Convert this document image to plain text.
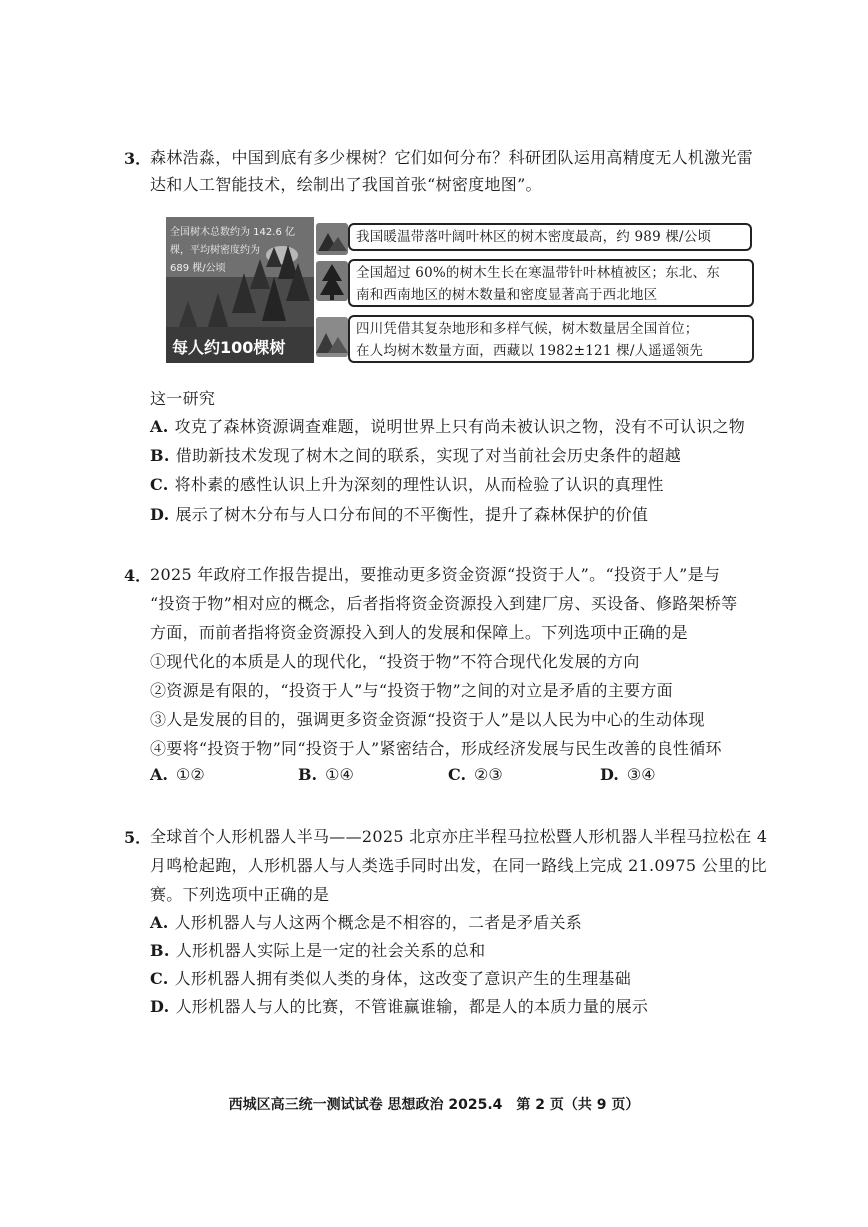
3．
森林浩淼，中国到底有多少棵树？它们如何分布？科研团队运用高精度无人机激光雷
达和人工智能技术，绘制出了我国首张“树密度地图”。
全国树木总数约为 142.6 亿
棵，平均树密度约为
689 棵/公顷
每人约100棵树
我国暖温带落叶阔叶林区的树木密度最高，约 989 棵/公顷
全国超过 60%的树木生长在寒温带针叶林植被区；东北、东
南和西南地区的树木数量和密度显著高于西北地区
四川凭借其复杂地形和多样气候，树木数量居全国首位；
在人均树木数量方面，西藏以 1982±121 棵/人遥遥领先
这一研究
A. 攻克了森林资源调查难题，说明世界上只有尚未被认识之物，没有不可认识之物
B. 借助新技术发现了树木之间的联系，实现了对当前社会历史条件的超越
C. 将朴素的感性认识上升为深刻的理性认识，从而检验了认识的真理性
D. 展示了树木分布与人口分布间的不平衡性，提升了森林保护的价值
4．
2025 年政府工作报告提出，要推动更多资金资源“投资于人”。“投资于人”是与
“投资于物”相对应的概念，后者指将资金资源投入到建厂房、买设备、修路架桥等
方面，而前者指将资金资源投入到人的发展和保障上。下列选项中正确的是
①现代化的本质是人的现代化，“投资于物”不符合现代化发展的方向
②资源是有限的，“投资于人”与“投资于物”之间的对立是矛盾的主要方面
③人是发展的目的，强调更多资金资源“投资于人”是以人民为中心的生动体现
④要将“投资于物”同“投资于人”紧密结合，形成经济发展与民生改善的良性循环
A. ①②	B. ①④	C. ②③	D. ③④
5．
全球首个人形机器人半马——2025 北京亦庄半程马拉松暨人形机器人半程马拉松在 4
月鸣枪起跑，人形机器人与人类选手同时出发，在同一路线上完成 21.0975 公里的比
赛。下列选项中正确的是
A. 人形机器人与人这两个概念是不相容的，二者是矛盾关系
B. 人形机器人实际上是一定的社会关系的总和
C. 人形机器人拥有类似人类的身体，这改变了意识产生的生理基础
D. 人形机器人与人的比赛，不管谁赢谁输，都是人的本质力量的展示
西城区高三统一测试试卷 思想政治 2025.4　第 2 页（共 9 页）
